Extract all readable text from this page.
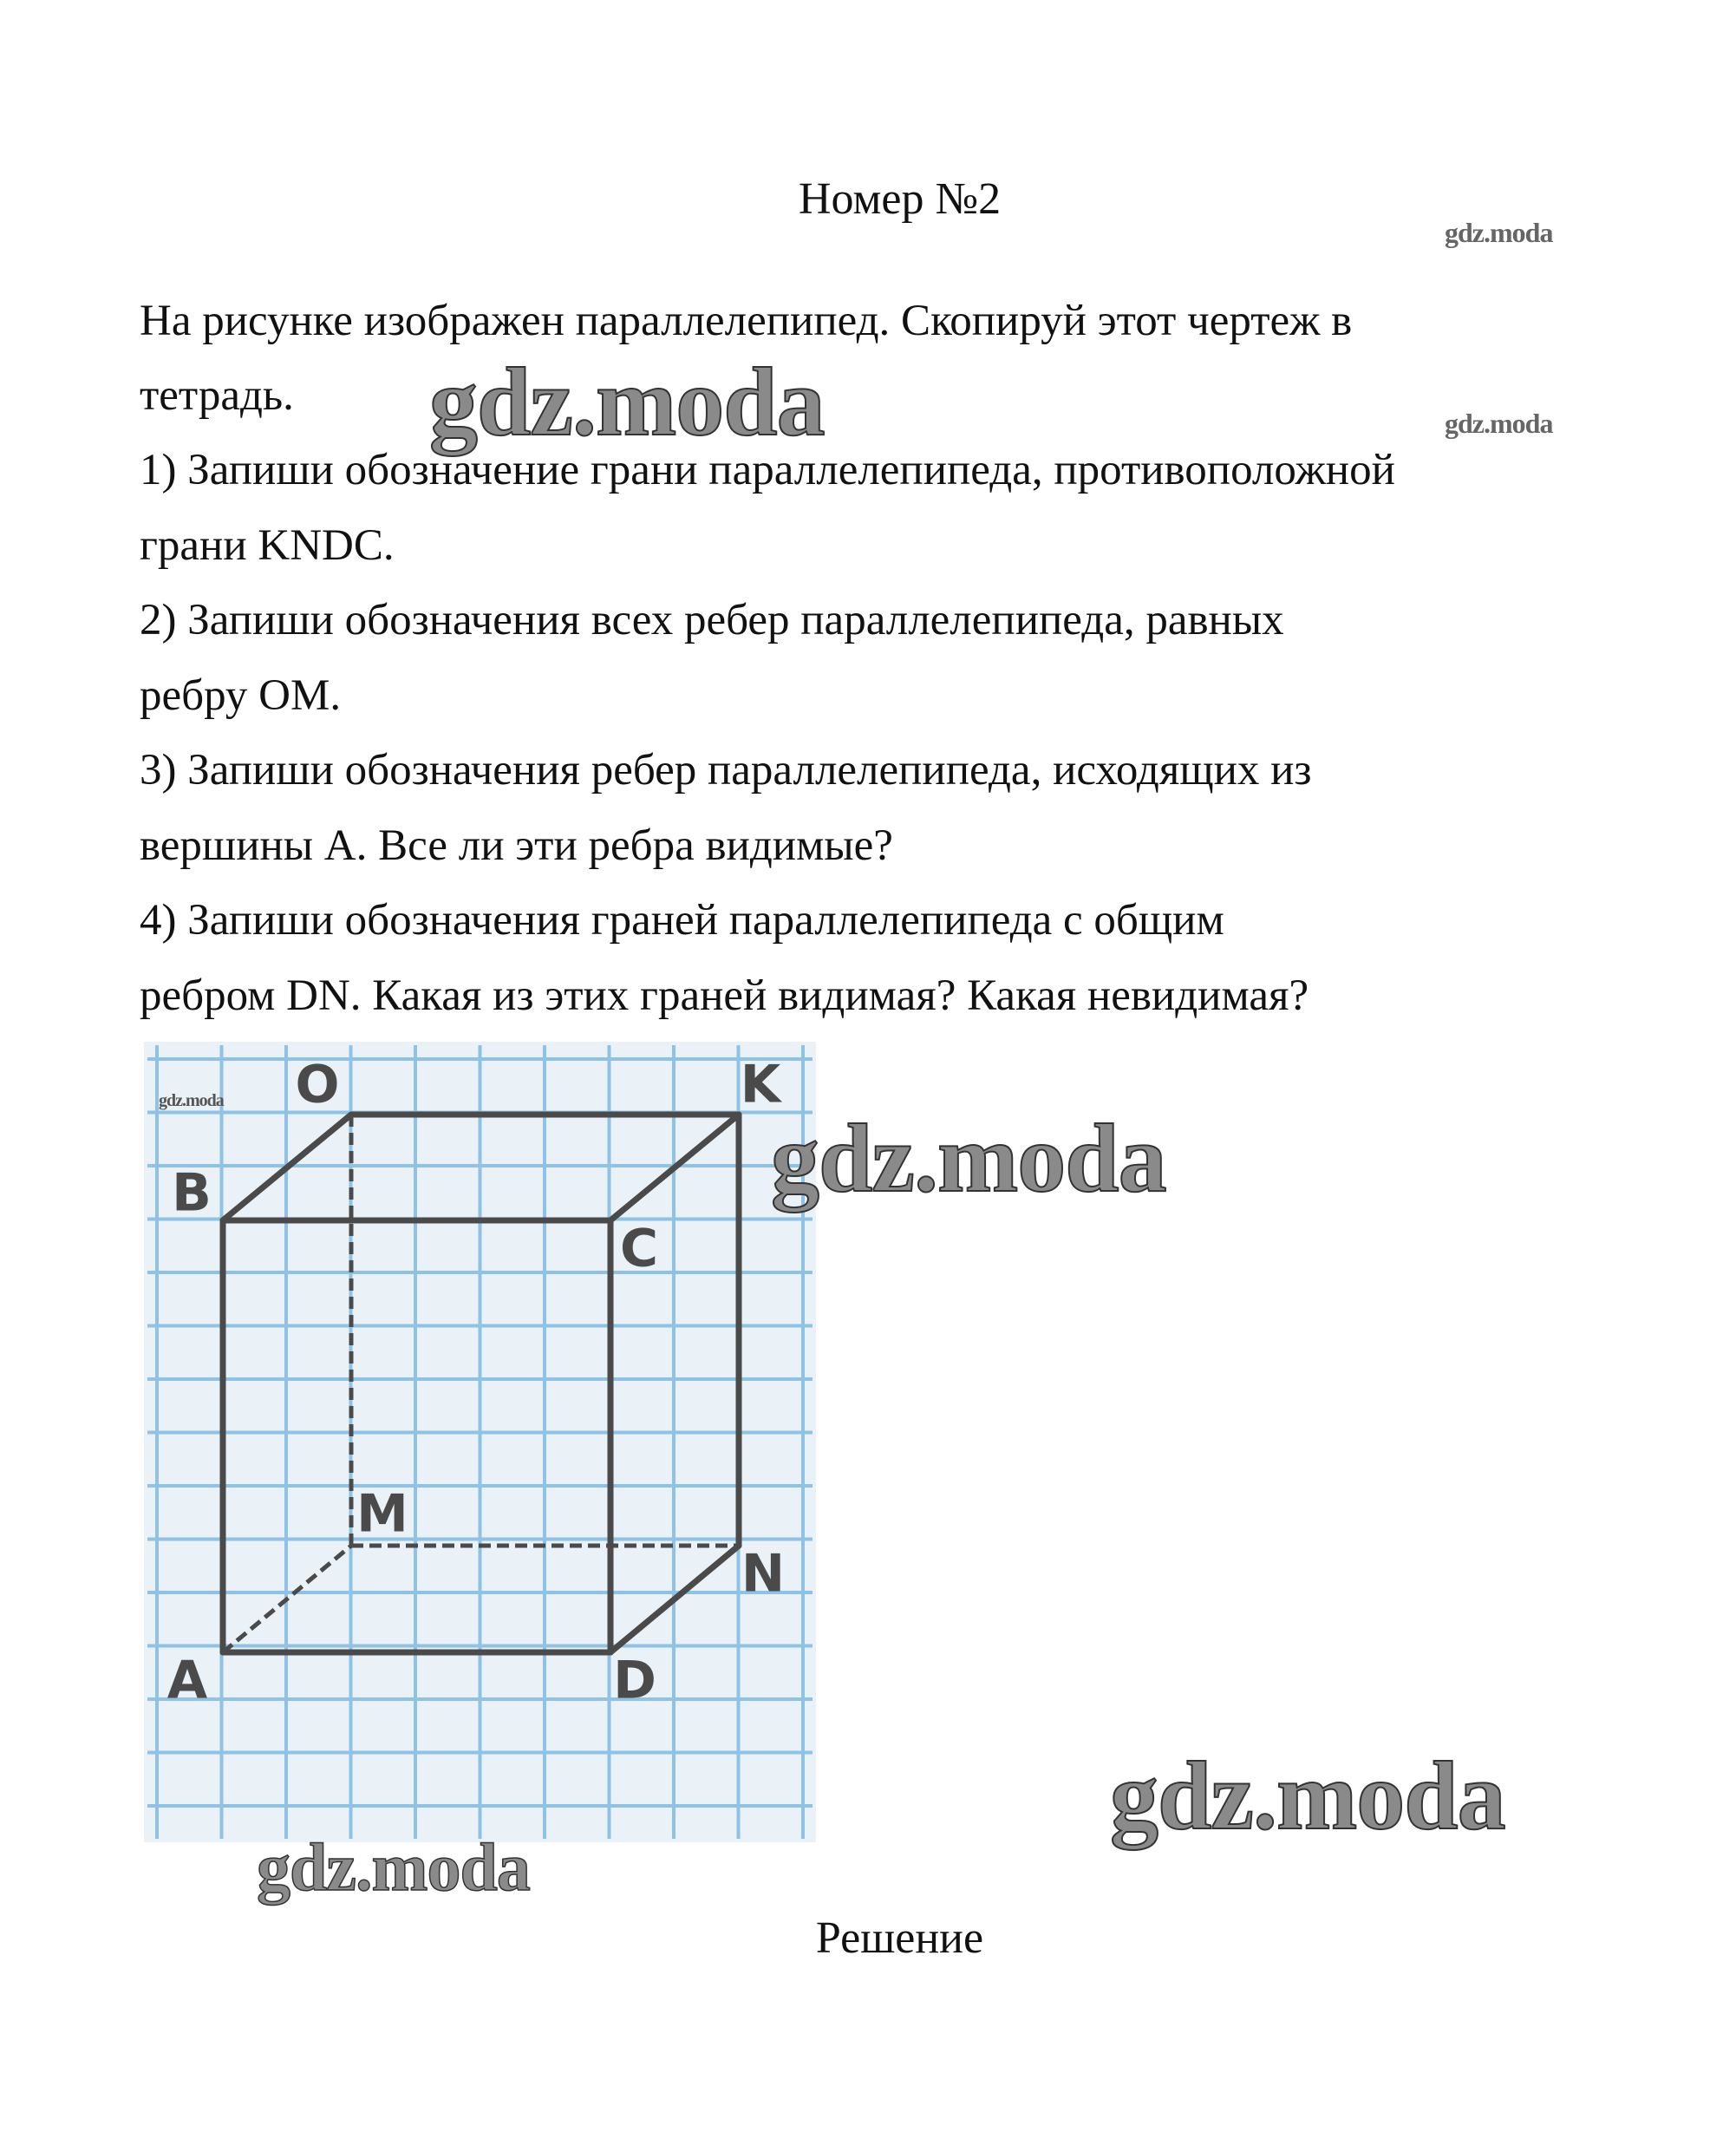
Номер №2
На рисунке изображен параллелепипед. Скопируй этот чертеж в
тетрадь.
1) Запиши обозначение грани параллелепипеда, противоположной
грани KNDC.
2) Запиши обозначения всех ребер параллелепипеда, равных
ребру OM.
3) Запиши обозначения ребер параллелепипеда, исходящих из
вершины A. Все ли эти ребра видимые?
4) Запиши обозначения граней параллелепипеда с общим
ребром DN. Какая из этих граней видимая? Какая невидимая?
O	K
B
C
M
N
A	D
Решение
gdz.moda
gdz.moda
gdz.moda
gdz.moda
gdz.moda
gdz.moda
gdz.moda
